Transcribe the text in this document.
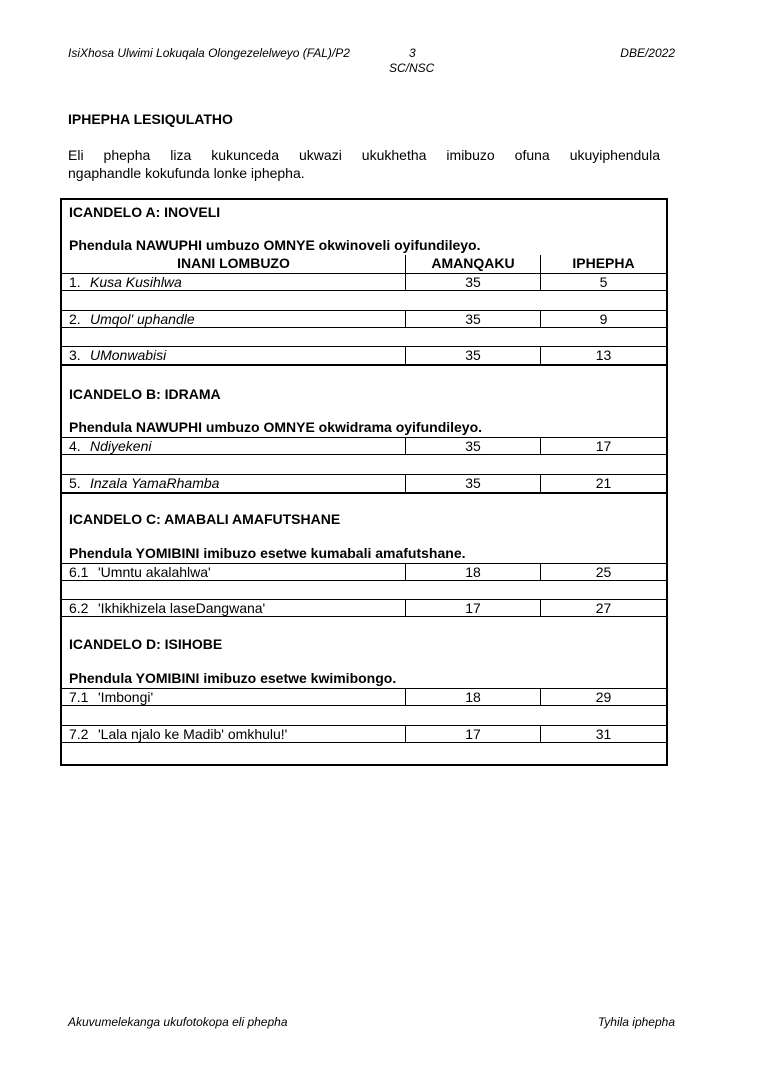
IsiXhosa Ulwimi Lokuqala Olongezelelweyo (FAL)/P2	3	DBE/2022
SC/NSC
IPHEPHA LESIQULATHO
Eli phepha liza kukunceda ukwazi ukukhetha imibuzo ofuna ukuyiphendula
ngaphandle kokufunda lonke iphepha.
ICANDELO A: INOVELI
Phendula NAWUPHI umbuzo OMNYE okwinoveli oyifundileyo.
INANI LOMBUZO	AMANQAKU	IPHEPHA
1. Kusa Kusihlwa	35	5
2. Umqol' uphandle	35	9
3. UMonwabisi	35	13
ICANDELO B: IDRAMA
Phendula NAWUPHI umbuzo OMNYE okwidrama oyifundileyo.
4. Ndiyekeni	35	17
5. Inzala YamaRhamba	35	21
ICANDELO C: AMABALI AMAFUTSHANE
Phendula YOMIBINI imibuzo esetwe kumabali amafutshane.
6.1 'Umntu akalahlwa'	18	25
6.2 'Ikhikhizela laseDangwana'	17	27
ICANDELO D: ISIHOBE
Phendula YOMIBINI imibuzo esetwe kwimibongo.
7.1 'Imbongi'	18	29
7.2 'Lala njalo ke Madib' omkhulu!'	17	31
Akuvumelekanga ukufotokopa eli phepha	Tyhila iphepha
